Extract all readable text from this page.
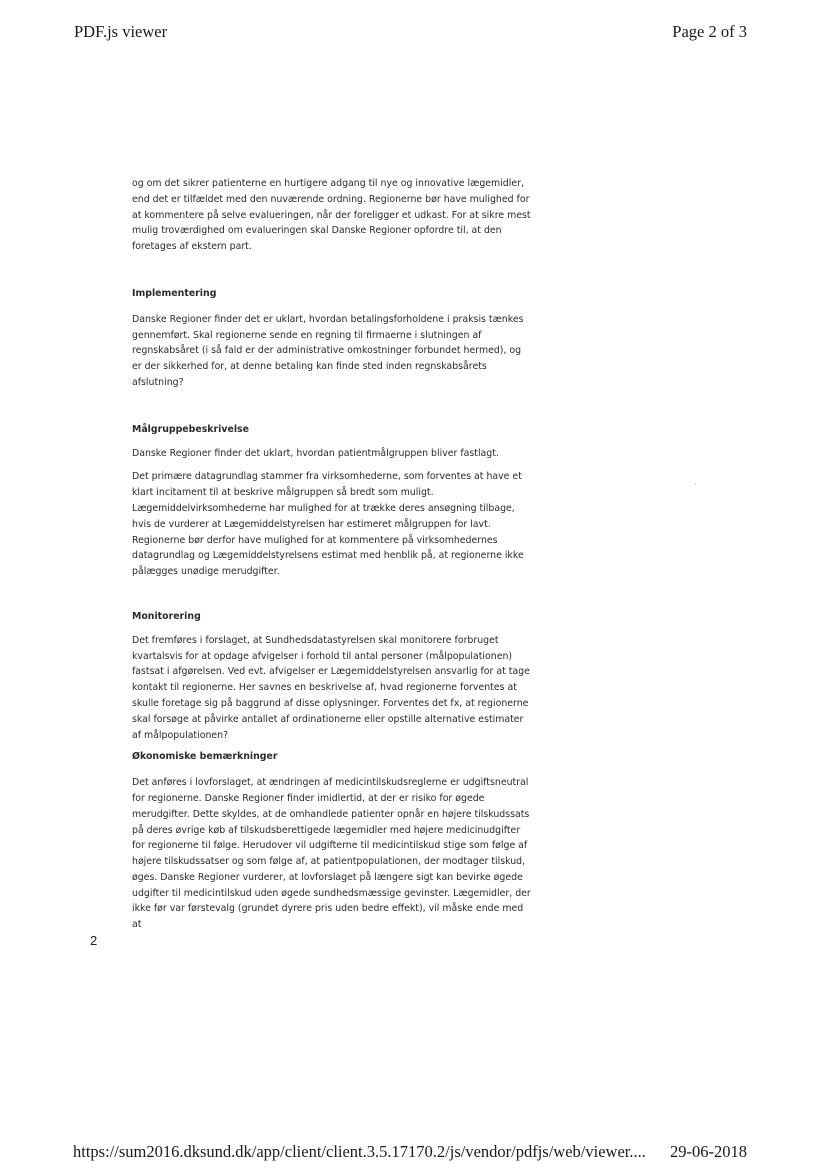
PDF.js viewer	Page 2 of 3

og om det sikrer patienterne en hurtigere adgang til nye og innovative lægemidler, end det er tilfældet med den nuværende ordning. Regionerne bør have mulighed for at kommentere på selve evalueringen, når der foreligger et udkast. For at sikre mest mulig troværdighed om evalueringen skal Danske Regioner opfordre til, at den foretages af ekstern part.

Implementering

Danske Regioner finder det er uklart, hvordan betalingsforholdene i praksis tænkes gennemført. Skal regionerne sende en regning til firmaerne i slutningen af regnskabsåret (i så fald er der administrative omkostninger forbundet hermed), og er der sikkerhed for, at denne betaling kan finde sted inden regnskabsårets afslutning?

Målgruppebeskrivelse

Danske Regioner finder det uklart, hvordan patientmålgruppen bliver fastlagt.

Det primære datagrundlag stammer fra virksomhederne, som forventes at have et klart incitament til at beskrive målgruppen så bredt som muligt. Lægemiddelvirksomhederne har mulighed for at trække deres ansøgning tilbage, hvis de vurderer at Lægemiddelstyrelsen har estimeret målgruppen for lavt. Regionerne bør derfor have mulighed for at kommentere på virksomhedernes datagrundlag og Lægemiddelstyrelsens estimat med henblik på, at regionerne ikke pålægges unødige merudgifter.

Monitorering

Det fremføres i forslaget, at Sundhedsdatastyrelsen skal monitorere forbruget kvartalsvis for at opdage afvigelser i forhold til antal personer (målpopulationen) fastsat i afgørelsen. Ved evt. afvigelser er Lægemiddelstyrelsen ansvarlig for at tage kontakt til regionerne. Her savnes en beskrivelse af, hvad regionerne forventes at skulle foretage sig på baggrund af disse oplysninger. Forventes det fx, at regionerne skal forsøge at påvirke antallet af ordinationerne eller opstille alternative estimater af målpopulationen?

Økonomiske bemærkninger

Det anføres i lovforslaget, at ændringen af medicintilskudsreglerne er udgiftsneutral for regionerne. Danske Regioner finder imidlertid, at der er risiko for øgede merudgifter. Dette skyldes, at de omhandlede patienter opnår en højere tilskudssats på deres øvrige køb af tilskudsberettigede lægemidler med højere medicinudgifter for regionerne til følge. Herudover vil udgifterne til medicintilskud stige som følge af højere tilskudssatser og som følge af, at patientpopulationen, der modtager tilskud, øges. Danske Regioner vurderer, at lovforslaget på længere sigt kan bevirke øgede udgifter til medicintilskud uden øgede sundhedsmæssige gevinster. Lægemidler, der ikke før var førstevalg (grundet dyrere pris uden bedre effekt), vil måske ende med at

2
https://sum2016.dksund.dk/app/client/client.3.5.17170.2/js/vendor/pdfjs/web/viewer.... 29-06-2018
